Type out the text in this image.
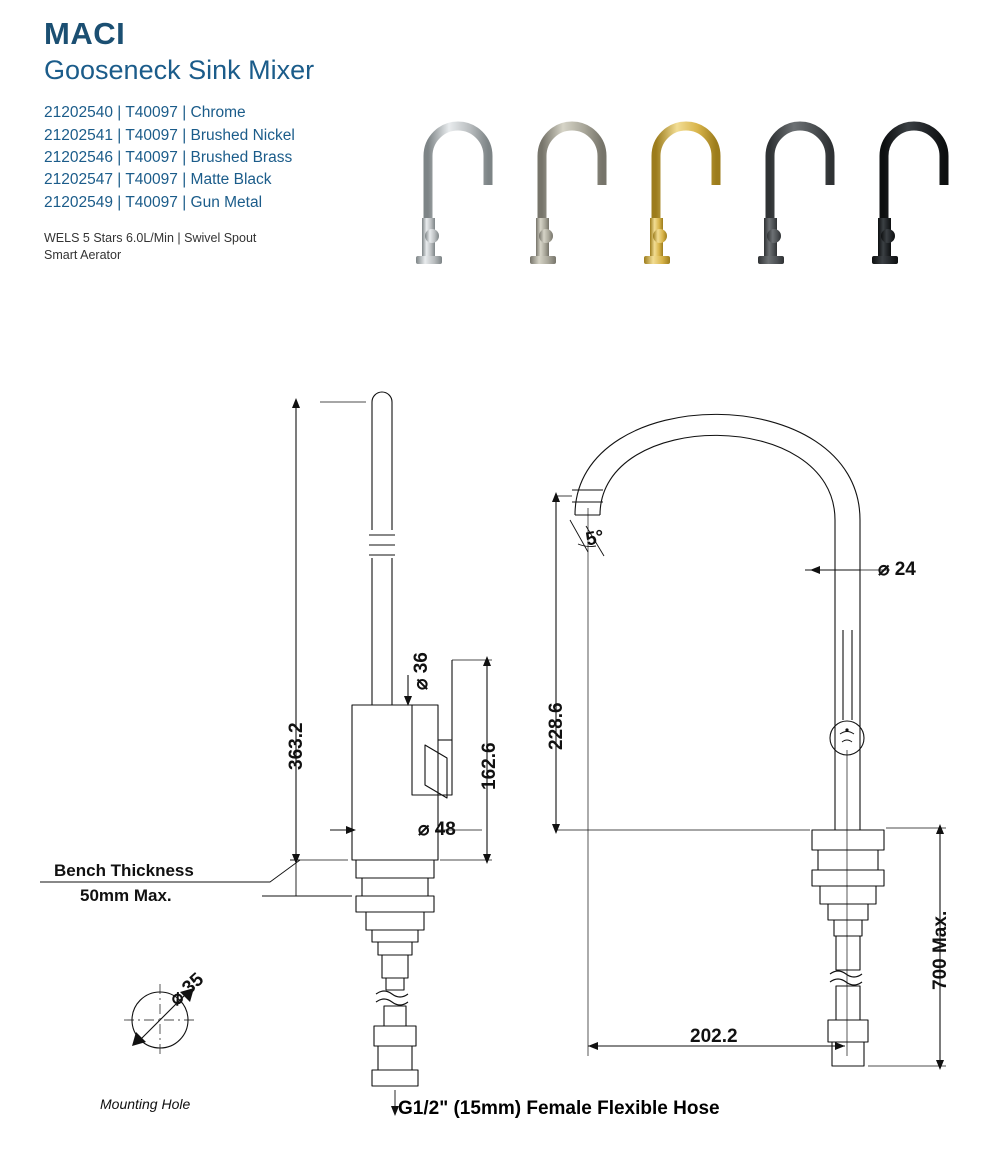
MACI
Gooseneck Sink Mixer
21202540 | T40097 | Chrome
21202541 | T40097 | Brushed Nickel
21202546 | T40097 | Brushed Brass
21202547 | T40097 | Matte Black
21202549 | T40097 | Gun Metal
WELS 5 Stars 6.0L/Min | Swivel Spout
Smart Aerator
363.2	162.6
⌀ 36
⌀ 48
228.6
5°
⌀ 24
202.2
700 Max.
⌀ 35
Bench Thickness
50mm Max.
Mounting Hole	G1/2" (15mm) Female Flexible Hose
